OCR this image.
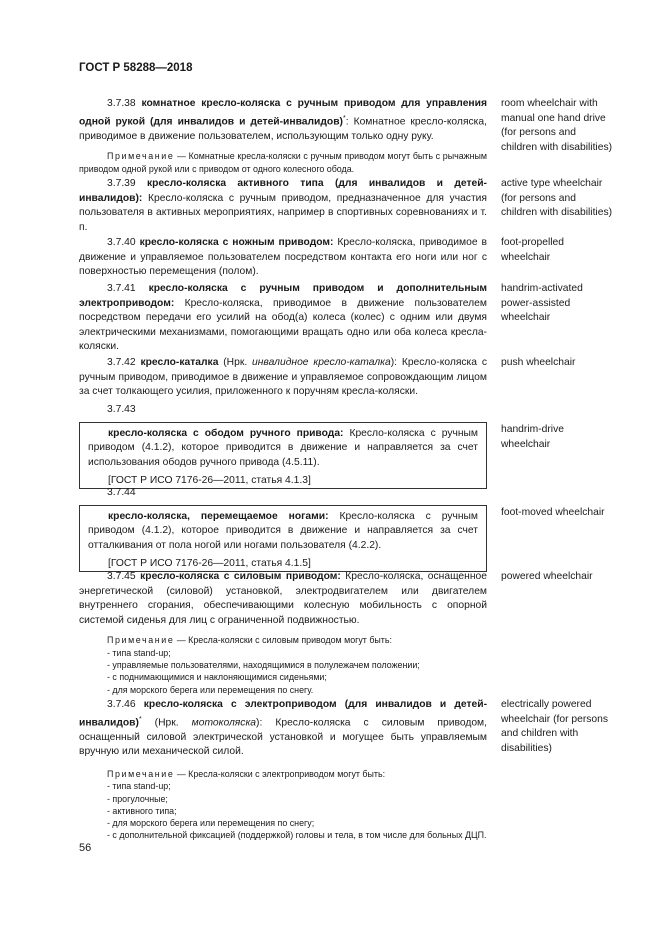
ГОСТ Р 58288—2018

3.7.38 комнатное кресло-коляска с ручным приводом для управления одной рукой (для инвалидов и детей-инвалидов)*: Комнатное кресло-коляска, приводимое в движение пользователем, использующим только одну руку.

Примечание — Комнатные кресла-коляски с ручным приводом могут быть с рычажным приводом одной рукой или с приводом от одного колесного обода.

room wheelchair with manual one hand drive (for persons and children with disabilities)

3.7.39 кресло-коляска активного типа (для инвалидов и детей-инвалидов): Кресло-коляска с ручным приводом, предназначенное для участия пользователя в активных мероприятиях, например в спортивных соревнованиях и т. п.

active type wheelchair (for persons and children with disabilities)

3.7.40 кресло-коляска с ножным приводом: Кресло-коляска, приводимое в движение и управляемое пользователем посредством контакта его ноги или ног с поверхностью перемещения (полом).

foot-propelled wheelchair

3.7.41 кресло-коляска с ручным приводом и дополнительным электроприводом: Кресло-коляска, приводимое в движение пользователем посредством передачи его усилий на обод(а) колеса (колес) с одним или двумя электрическими механизмами, помогающими вращать одно или оба колеса кресла-коляски.

handrim-activated power-assisted wheelchair

3.7.42 кресло-каталка (Нрк. инвалидное кресло-каталка): Кресло-коляска с ручным приводом, приводимое в движение и управляемое сопровождающим лицом за счет толкающего усилия, приложенного к поручням кресла-коляски.

push wheelchair

3.7.43

кресло-коляска с ободом ручного привода: Кресло-коляска с ручным приводом (4.1.2), которое приводится в движение и направляется за счет использования ободов ручного привода (4.5.11).

[ГОСТ Р ИСО 7176-26—2011, статья 4.1.3]

handrim-drive wheelchair

3.7.44

кресло-коляска, перемещаемое ногами: Кресло-коляска с ручным приводом (4.1.2), которое приводится в движение и направляется за счет отталкивания от пола ногой или ногами пользователя (4.2.2).

[ГОСТ Р ИСО 7176-26—2011, статья 4.1.5]

foot-moved wheelchair

3.7.45 кресло-коляска с силовым приводом: Кресло-коляска, оснащенное энергетической (силовой) установкой, электродвигателем или двигателем внутреннего сгорания, обеспечивающими колесную мобильность с опорной системой сиденья для лиц с ограниченной подвижностью.

Примечание — Кресла-коляски с силовым приводом могут быть:

- типа stand-up;

- управляемые пользователями, находящимися в полулежачем положении;

- с поднимающимися и наклоняющимися сиденьями;

- для морского берега или перемещения по снегу.

powered wheelchair

3.7.46 кресло-коляска с электроприводом (для инвалидов и детей-инвалидов)* (Нрк. мотоколяска): Кресло-коляска с силовым приводом, оснащенный силовой электрической установкой и могущее быть управляемым вручную или механической силой.

Примечание — Кресла-коляски с электроприводом могут быть:

- типа stand-up;

- прогулочные;

- активного типа;

- для морского берега или перемещения по снегу;

- с дополнительной фиксацией (поддержкой) головы и тела, в том числе для больных ДЦП.

electrically powered wheelchair (for persons and children with disabilities)
56
